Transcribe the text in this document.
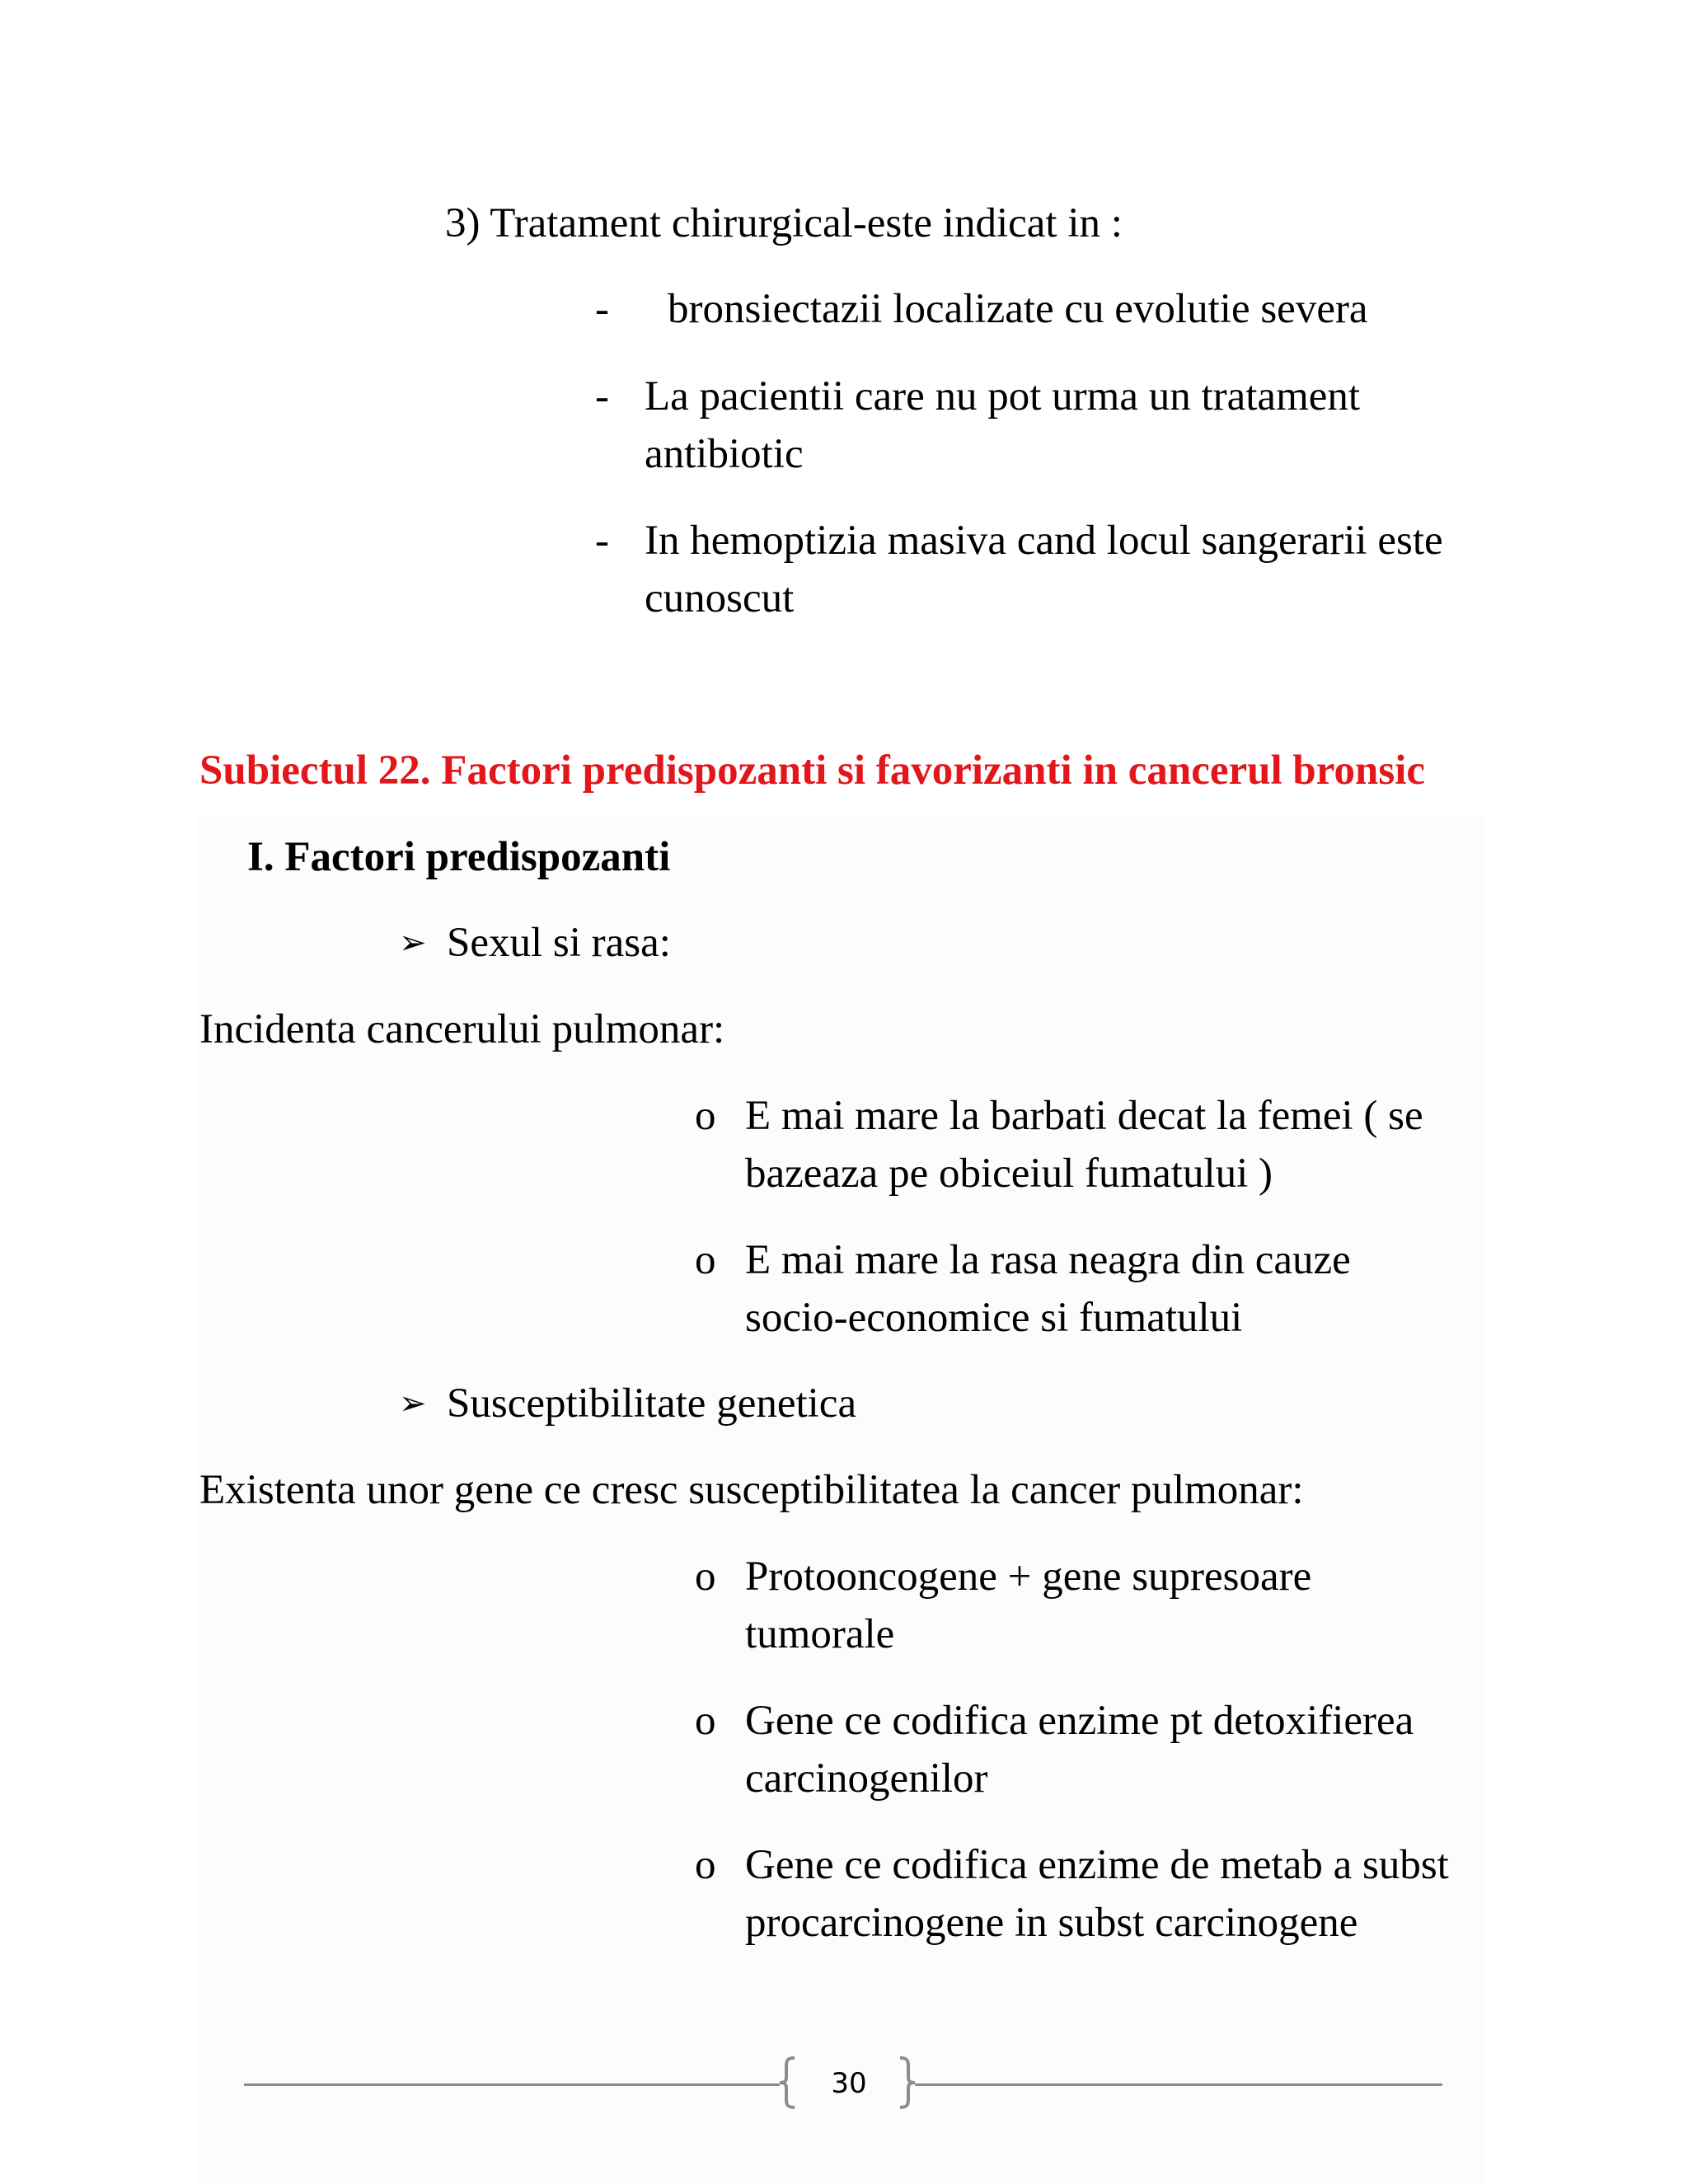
3) Tratament chirurgical-este indicat in :
- bronsiectazii localizate cu evolutie severa
- La pacientii care nu pot urma un tratament
antibiotic
- In hemoptizia masiva cand locul sangerarii este
cunoscut
Subiectul 22. Factori predispozanti si favorizanti in cancerul bronsic
I. Factori predispozanti
➢ Sexul si rasa:
Incidenta cancerului pulmonar:
o E mai mare la barbati decat la femei ( se
bazeaza pe obiceiul fumatului )
o E mai mare la rasa neagra din cauze
socio-economice si fumatului
➢ Susceptibilitate genetica
Existenta unor gene ce cresc susceptibilitatea la cancer pulmonar:
o Protooncogene + gene supresoare
tumorale
o Gene ce codifica enzime pt detoxifierea
carcinogenilor
o Gene ce codifica enzime de metab a subst
procarcinogene in subst carcinogene
30
